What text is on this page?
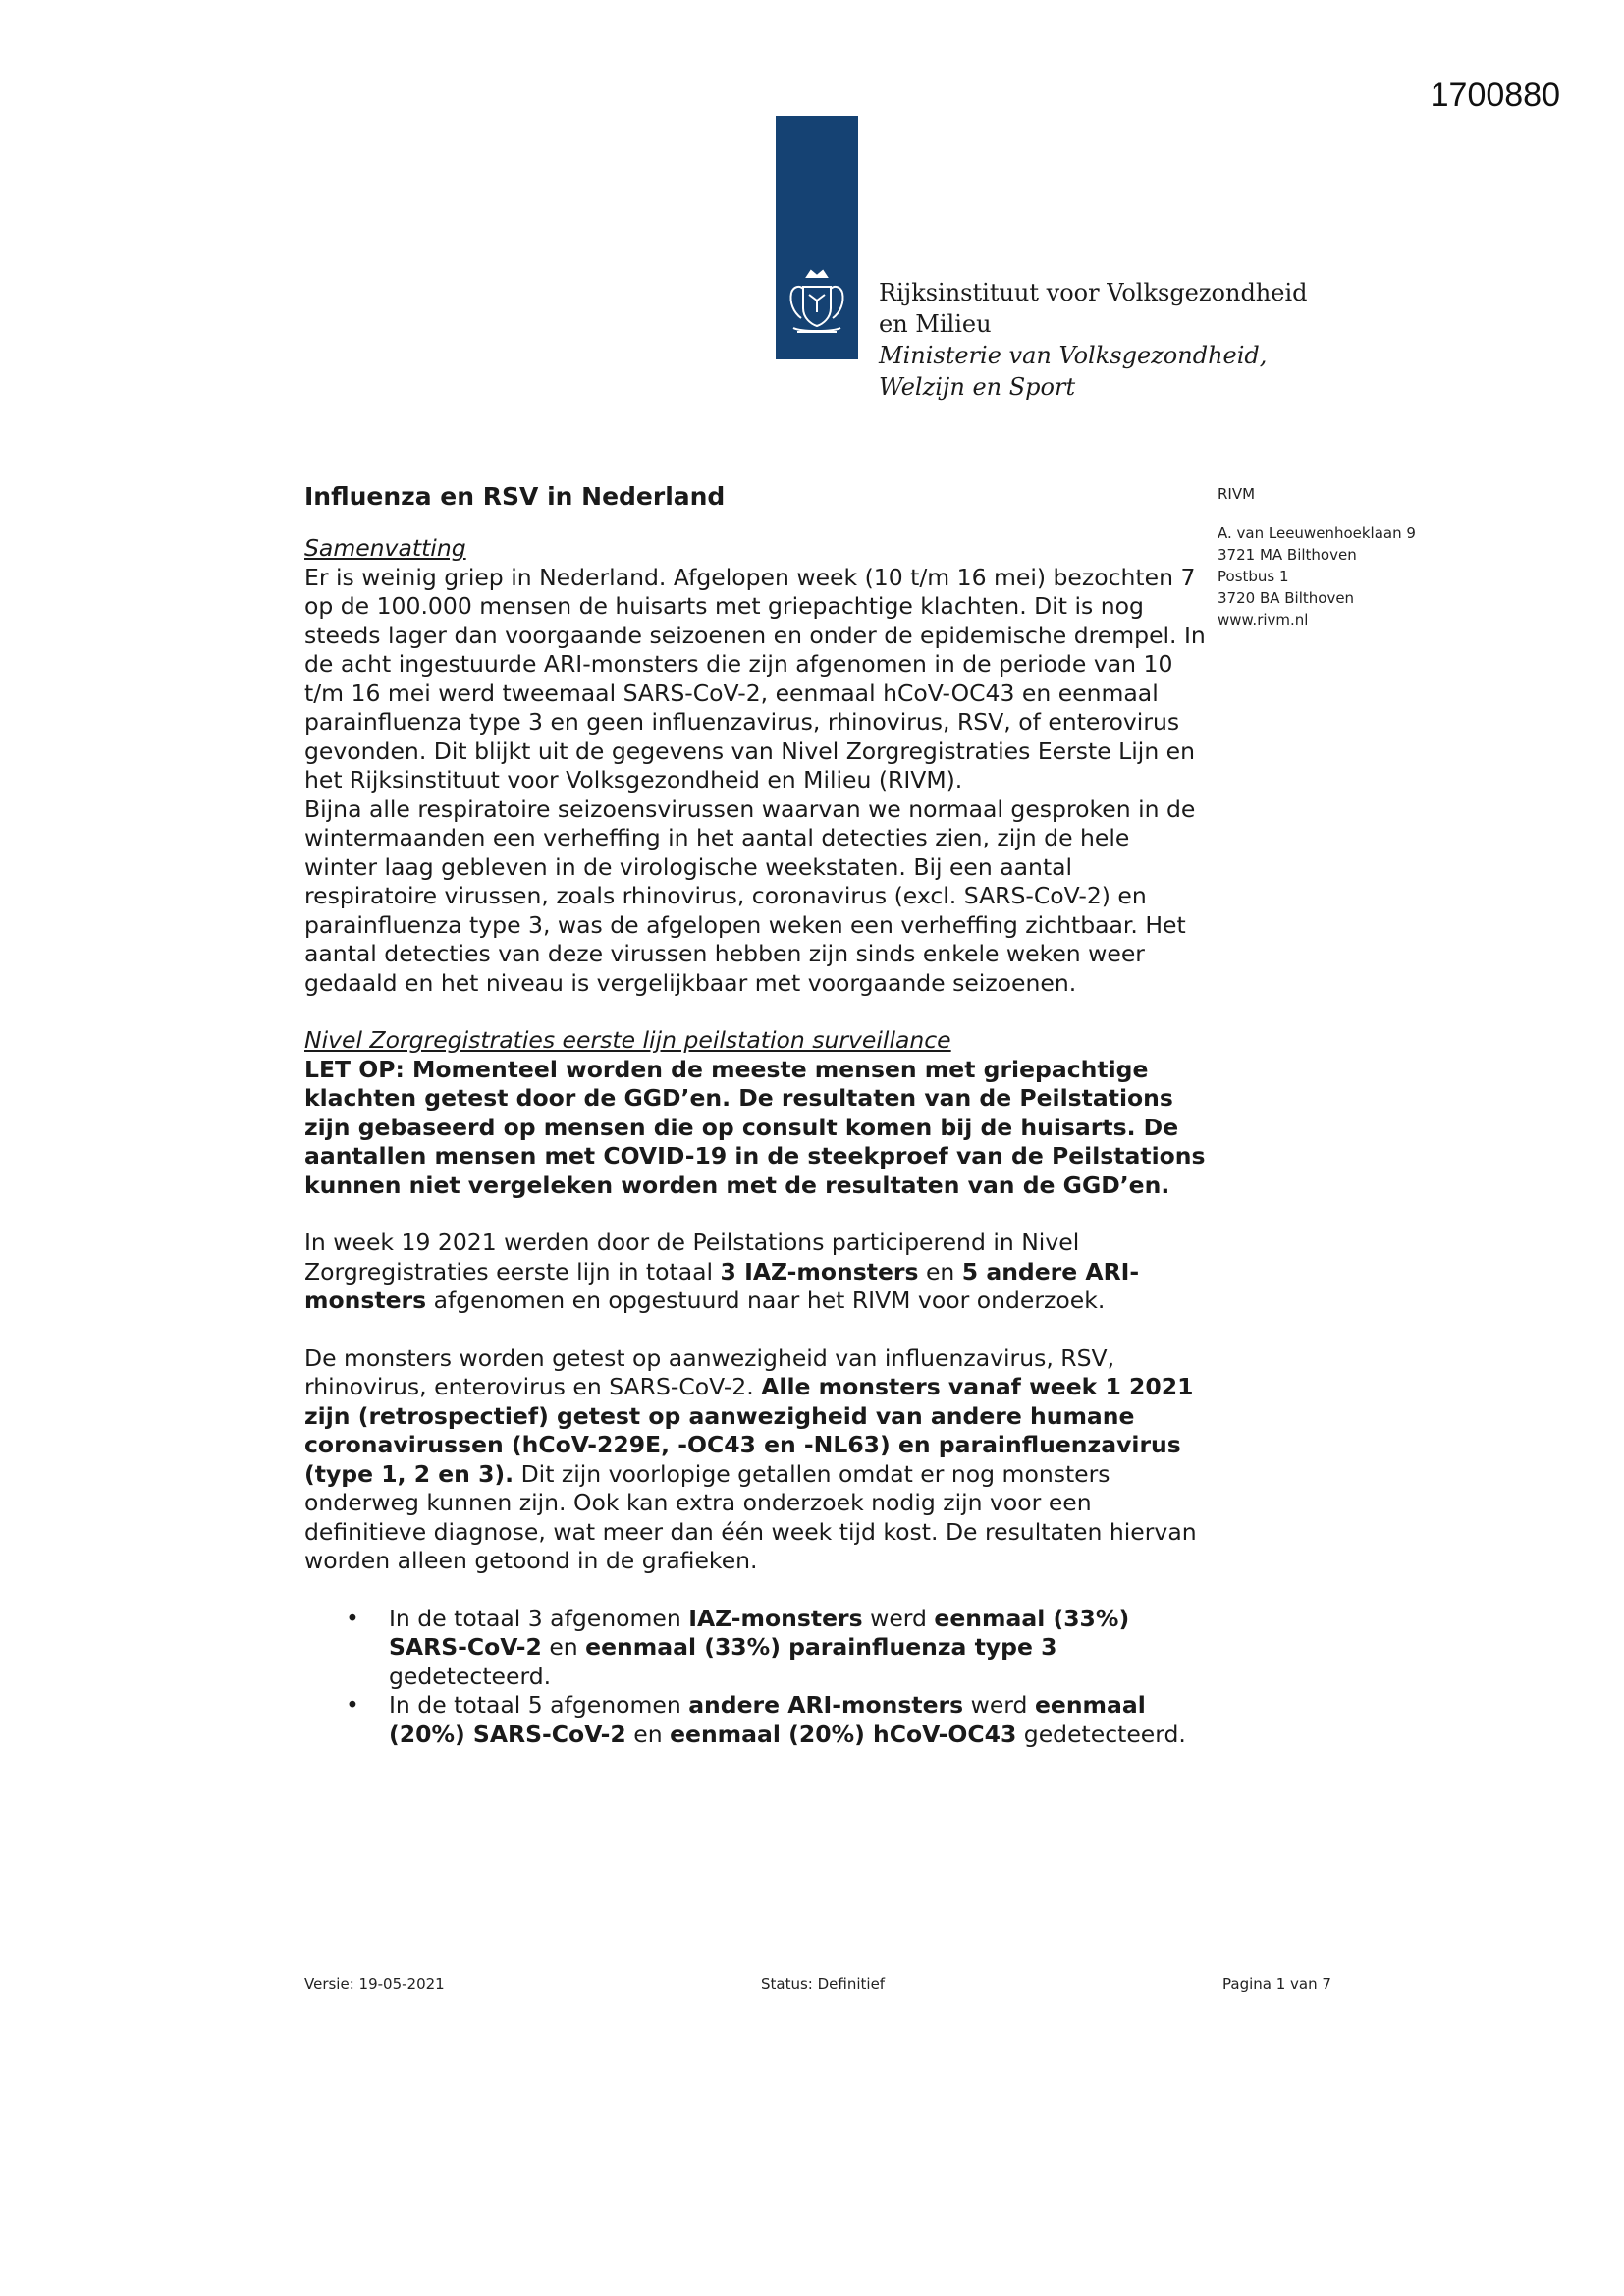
1700880
Rijksinstituut voor Volksgezondheid
en Milieu
Ministerie van Volksgezondheid,
Welzijn en Sport
RIVM
A. van Leeuwenhoeklaan 9
3721 MA Bilthoven
Postbus 1
3720 BA Bilthoven
www.rivm.nl
Influenza en RSV in Nederland

Samenvatting

Er is weinig griep in Nederland. Afgelopen week (10 t/m 16 mei) bezochten 7 op de 100.000 mensen de huisarts met griepachtige klachten. Dit is nog steeds lager dan voorgaande seizoenen en onder de epidemische drempel. In de acht ingestuurde ARI-monsters die zijn afgenomen in de periode van 10 t/m 16 mei werd tweemaal SARS-CoV-2, eenmaal hCoV-OC43 en eenmaal parainfluenza type 3 en geen influenzavirus, rhinovirus, RSV, of enterovirus gevonden. Dit blijkt uit de gegevens van Nivel Zorgregistraties Eerste Lijn en het Rijksinstituut voor Volksgezondheid en Milieu (RIVM).

Bijna alle respiratoire seizoensvirussen waarvan we normaal gesproken in de wintermaanden een verheffing in het aantal detecties zien, zijn de hele winter laag gebleven in de virologische weekstaten. Bij een aantal respiratoire virussen, zoals rhinovirus, coronavirus (excl. SARS-CoV-2) en parainfluenza type 3, was de afgelopen weken een verheffing zichtbaar. Het aantal detecties van deze virussen hebben zijn sinds enkele weken weer gedaald en het niveau is vergelijkbaar met voorgaande seizoenen.

Nivel Zorgregistraties eerste lijn peilstation surveillance

LET OP: Momenteel worden de meeste mensen met griepachtige klachten getest door de GGD’en. De resultaten van de Peilstations zijn gebaseerd op mensen die op consult komen bij de huisarts. De aantallen mensen met COVID-19 in de steekproef van de Peilstations kunnen niet vergeleken worden met de resultaten van de GGD’en.

In week 19 2021 werden door de Peilstations participerend in Nivel Zorgregistraties eerste lijn in totaal 3 IAZ-monsters en 5 andere ARI-monsters afgenomen en opgestuurd naar het RIVM voor onderzoek.

De monsters worden getest op aanwezigheid van influenzavirus, RSV, rhinovirus, enterovirus en SARS-CoV-2. Alle monsters vanaf week 1 2021 zijn (retrospectief) getest op aanwezigheid van andere humane coronavirussen (hCoV-229E, -OC43 en -NL63) en parainfluenzavirus (type 1, 2 en 3). Dit zijn voorlopige getallen omdat er nog monsters onderweg kunnen zijn. Ook kan extra onderzoek nodig zijn voor een definitieve diagnose, wat meer dan één week tijd kost. De resultaten hiervan worden alleen getoond in de grafieken.

• In de totaal 3 afgenomen IAZ-monsters werd eenmaal (33%) SARS-CoV-2 en eenmaal (33%) parainfluenza type 3 gedetecteerd.
• In de totaal 5 afgenomen andere ARI-monsters werd eenmaal (20%) SARS-CoV-2 en eenmaal (20%) hCoV-OC43 gedetecteerd.
Versie: 19-05-2021	Status: Definitief	Pagina 1 van 7
